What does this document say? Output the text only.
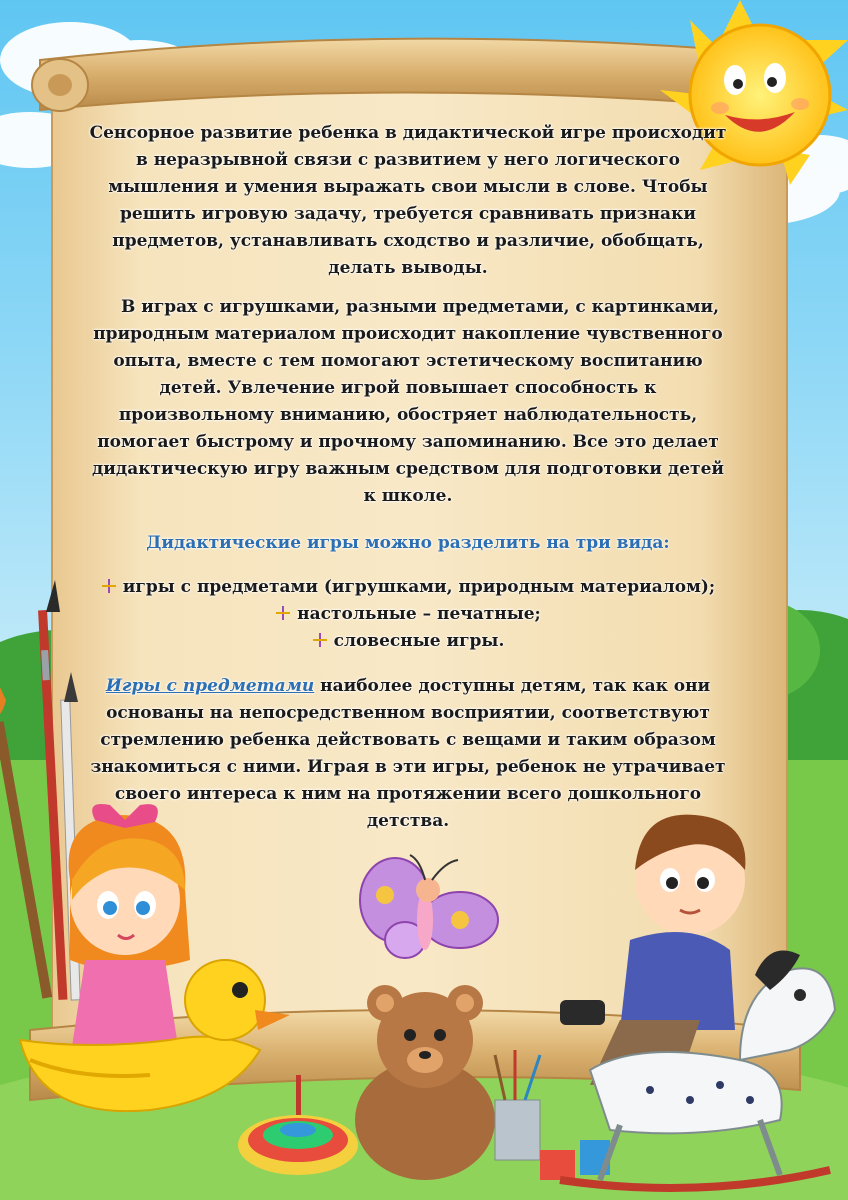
Сенсорное развитие ребенка в дидактической игре происходит в неразрывной связи с развитием у него логического мышления и умения выражать свои мысли в слове. Чтобы решить игровую задачу, требуется сравнивать признаки предметов, устанавливать сходство и различие, обобщать, делать выводы.

В играх с игрушками, разными предметами, с картинками, природным материалом происходит накопление чувственного опыта, вместе с тем помогают эстетическому воспитанию детей. Увлечение игрой повышает способность к произвольному вниманию, обостряет наблюдательность, помогает быстрому и прочному запоминанию. Все это делает дидактическую игру важным средством для подготовки детей к школе.

Дидактические игры можно разделить на три вида:

игры с предметами (игрушками, природным материалом);
настольные – печатные;
словесные игры.

Игры с предметами наиболее доступны детям, так как они основаны на непосредственном восприятии, соответствуют стремлению ребенка действовать с вещами и таким образом знакомиться с ними. Играя в эти игры, ребенок не утрачивает своего интереса к ним на протяжении всего дошкольного детства.
